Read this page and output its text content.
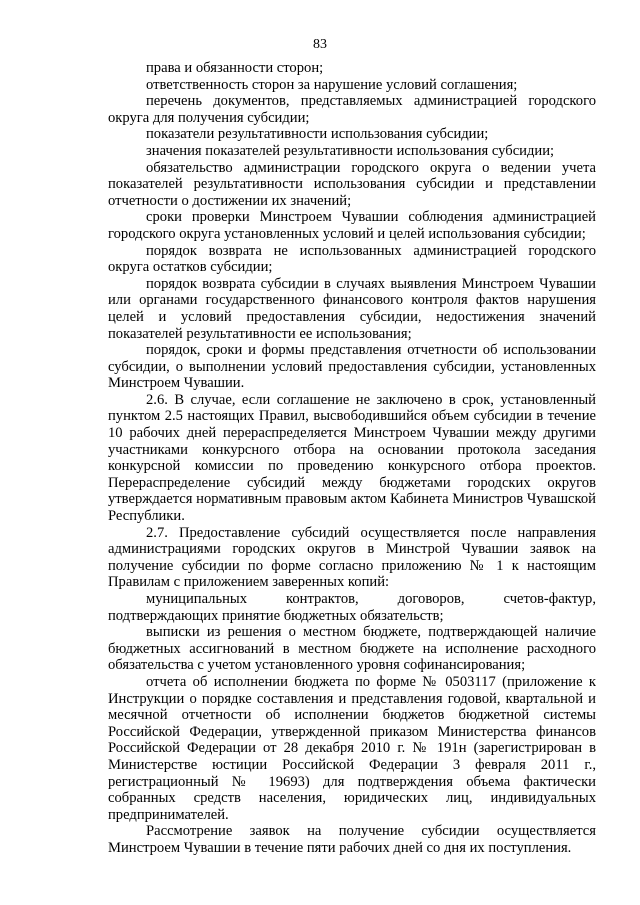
83

права и обязанности сторон;

ответственность сторон за нарушение условий соглашения;

перечень документов, представляемых администрацией городского округа для получения субсидии;

показатели результативности использования субсидии;

значения показателей результативности использования субсидии;

обязательство администрации городского округа о ведении учета показателей результативности использования субсидии и представлении отчетности о достижении их значений;

сроки проверки Минстроем Чувашии соблюдения администрацией городского округа установленных условий и целей использования субсидии;

порядок возврата не использованных администрацией городского округа остатков субсидии;

порядок возврата субсидии в случаях выявления Минстроем Чувашии или органами государственного финансового контроля фактов нарушения целей и условий предоставления субсидии, недостижения значений показателей результативности ее использования;

порядок, сроки и формы представления отчетности об использовании субсидии, о выполнении условий предоставления субсидии, установленных Минстроем Чувашии.

2.6. В случае, если соглашение не заключено в срок, установленный пунктом 2.5 настоящих Правил, высвободившийся объем субсидии в течение 10 рабочих дней перераспределяется Минстроем Чувашии между другими участниками конкурсного отбора на основании протокола заседания конкурсной комиссии по проведению конкурсного отбора проектов. Перераспределение субсидий между бюджетами городских округов утверждается нормативным правовым актом Кабинета Министров Чувашской Республики.

2.7. Предоставление субсидий осуществляется после направления администрациями городских округов в Минстрой Чувашии заявок на получение субсидии по форме согласно приложению № 1 к настоящим Правилам с приложением заверенных копий:

муниципальных контрактов, договоров, счетов-фактур, подтверждающих принятие бюджетных обязательств;

выписки из решения о местном бюджете, подтверждающей наличие бюджетных ассигнований в местном бюджете на исполнение расходного обязательства с учетом установленного уровня софинансирования;

отчета об исполнении бюджета по форме № 0503117 (приложение к Инструкции о порядке составления и представления годовой, квартальной и месячной отчетности об исполнении бюджетов бюджетной системы Российской Федерации, утвержденной приказом Министерства финансов Российской Федерации от 28 декабря 2010 г. № 191н (зарегистрирован в Министерстве юстиции Российской Федерации 3 февраля 2011 г., регистрационный № 19693) для подтверждения объема фактически собранных средств населения, юридических лиц, индивидуальных предпринимателей.

Рассмотрение заявок на получение субсидии осуществляется Минстроем Чувашии в течение пяти рабочих дней со дня их поступления.
